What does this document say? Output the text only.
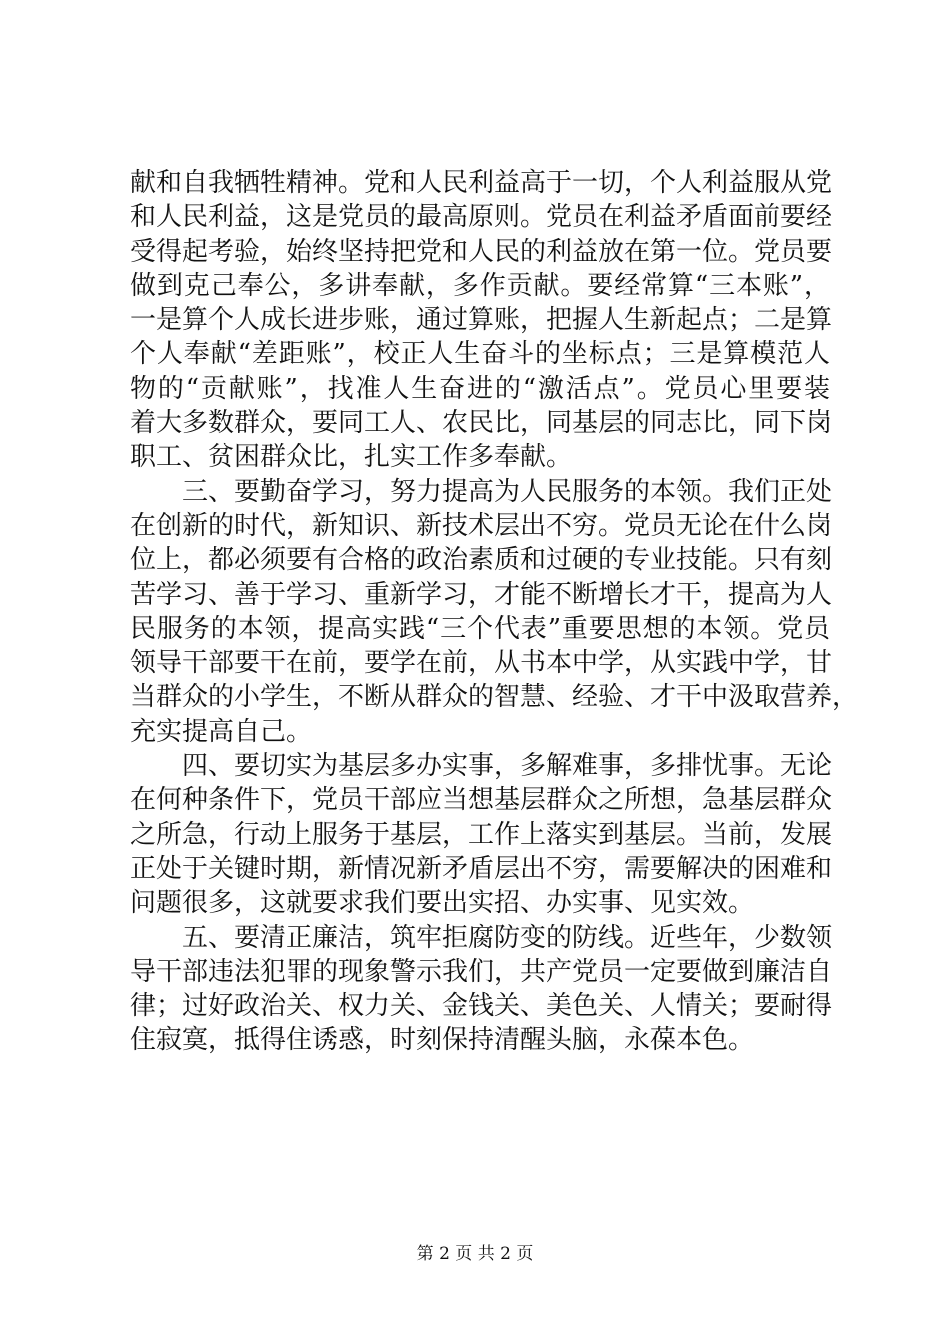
献和自我牺牲精神。党和人民利益高于一切，个人利益服从党
和人民利益，这是党员的最高原则。党员在利益矛盾面前要经
受得起考验，始终坚持把党和人民的利益放在第一位。党员要
做到克己奉公，多讲奉献，多作贡献。要经常算“三本账”，
一是算个人成长进步账，通过算账，把握人生新起点；二是算
个人奉献“差距账”，校正人生奋斗的坐标点；三是算模范人
物的“贡献账”，找准人生奋进的“激活点”。党员心里要装
着大多数群众，要同工人、农民比，同基层的同志比，同下岗
职工、贫困群众比，扎实工作多奉献。
　　三、要勤奋学习，努力提高为人民服务的本领。我们正处
在创新的时代，新知识、新技术层出不穷。党员无论在什么岗
位上，都必须要有合格的政治素质和过硬的专业技能。只有刻
苦学习、善于学习、重新学习，才能不断增长才干，提高为人
民服务的本领，提高实践“三个代表”重要思想的本领。党员
领导干部要干在前，要学在前，从书本中学，从实践中学，甘
当群众的小学生，不断从群众的智慧、经验、才干中汲取营养，
充实提高自己。
　　四、要切实为基层多办实事，多解难事，多排忧事。无论
在何种条件下，党员干部应当想基层群众之所想，急基层群众
之所急，行动上服务于基层，工作上落实到基层。当前，发展
正处于关键时期，新情况新矛盾层出不穷，需要解决的困难和
问题很多，这就要求我们要出实招、办实事、见实效。
　　五、要清正廉洁，筑牢拒腐防变的防线。近些年，少数领
导干部违法犯罪的现象警示我们，共产党员一定要做到廉洁自
律；过好政治关、权力关、金钱关、美色关、人情关；要耐得
住寂寞，抵得住诱惑，时刻保持清醒头脑，永葆本色。
第 2 页 共 2 页
